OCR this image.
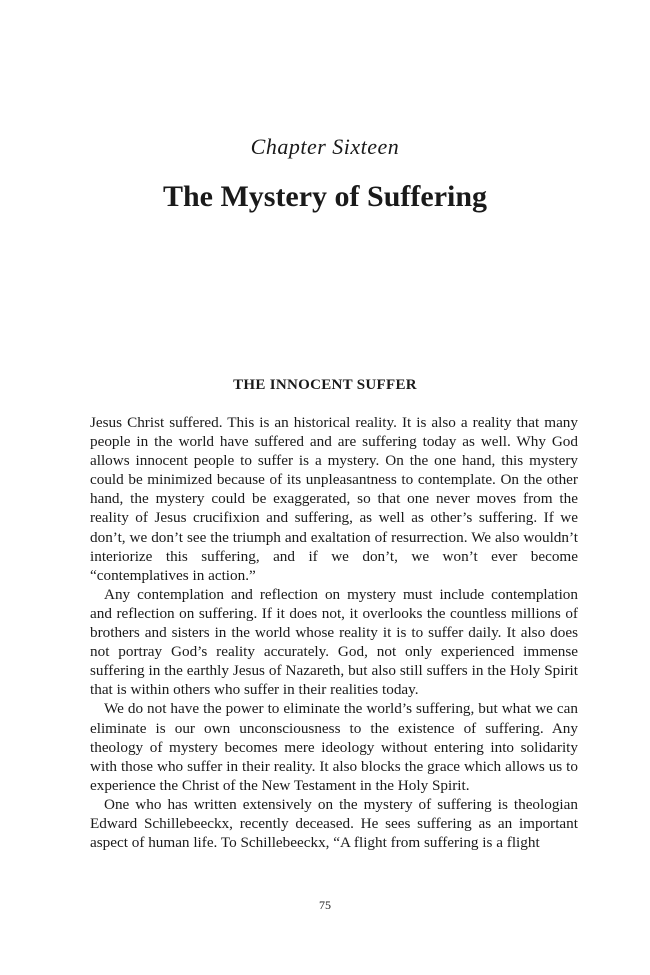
Chapter Sixteen
The Mystery of Suffering
THE INNOCENT SUFFER

Jesus Christ suffered. This is an historical reality. It is also a reality that many people in the world have suffered and are suffering today as well. Why God allows innocent people to suffer is a mystery. On the one hand, this mystery could be minimized because of its unpleasantness to contemplate. On the other hand, the mystery could be exaggerated, so that one never moves from the reality of Jesus crucifixion and suffering, as well as other’s suffering. If we don’t, we don’t see the triumph and exaltation of resurrection. We also wouldn’t interiorize this suffering, and if we don’t, we won’t ever become “contemplatives in action.”

Any contemplation and reflection on mystery must include contemplation and reflection on suffering. If it does not, it overlooks the countless millions of brothers and sisters in the world whose reality it is to suffer daily. It also does not portray God’s reality accurately. God, not only experienced immense suffering in the earthly Jesus of Nazareth, but also still suffers in the Holy Spirit that is within others who suffer in their realities today.

We do not have the power to eliminate the world’s suffering, but what we can eliminate is our own unconsciousness to the existence of suffering. Any theology of mystery becomes mere ideology without entering into solidarity with those who suffer in their reality. It also blocks the grace which allows us to experience the Christ of the New Testament in the Holy Spirit.

One who has written extensively on the mystery of suffering is theologian Edward Schillebeeckx, recently deceased. He sees suffering as an important aspect of human life. To Schillebeeckx, “A flight from suffering is a flight

75
